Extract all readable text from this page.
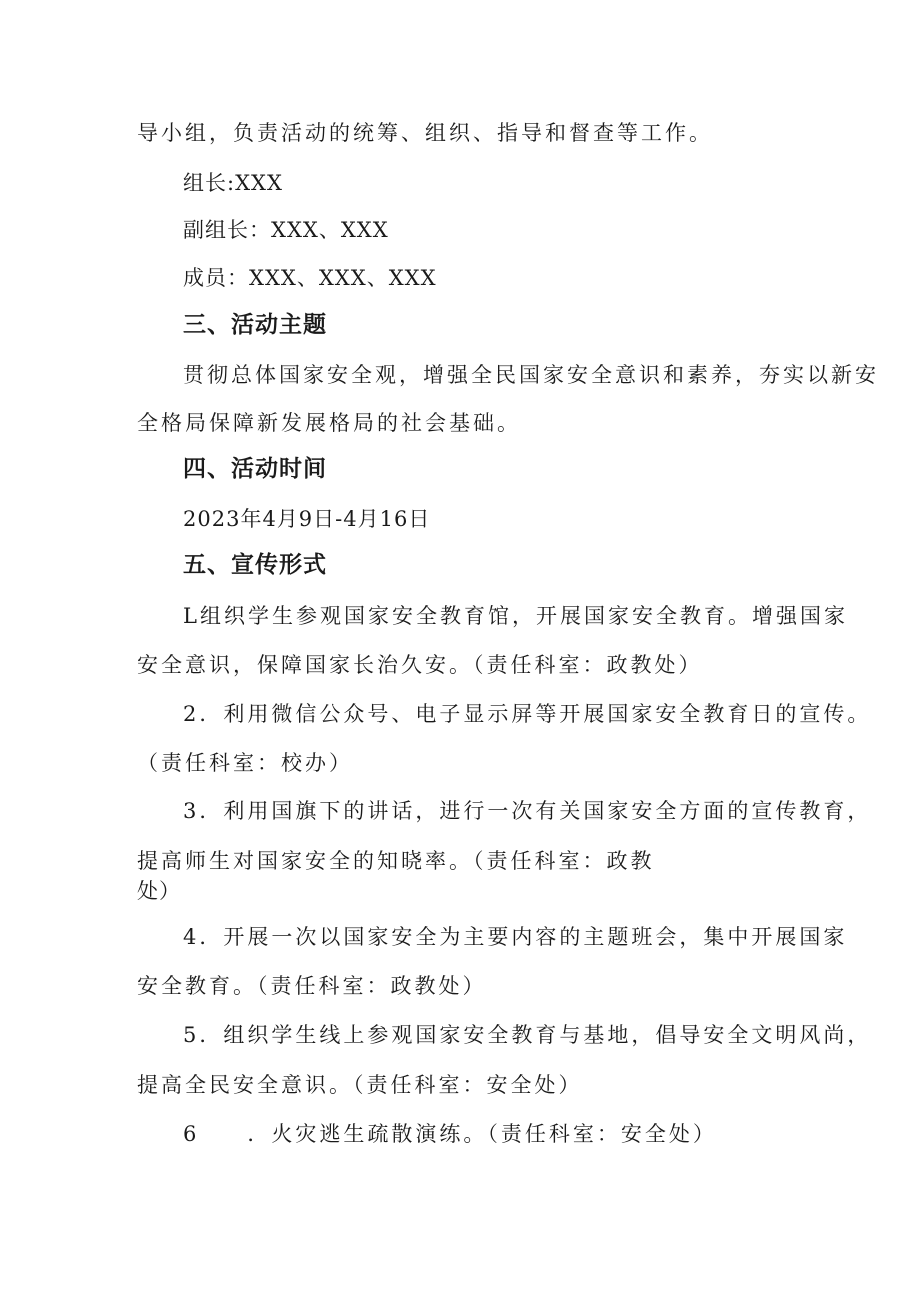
导小组，负责活动的统筹、组织、指导和督查等工作。
组长:XXX
副组长：XXX、XXX
成员：XXX、XXX、XXX
三、活动主题
贯彻总体国家安全观，增强全民国家安全意识和素养，夯实以新安
全格局保障新发展格局的社会基础。
四、活动时间
2023年4月9日-4月16日
五、宣传形式
L组织学生参观国家安全教育馆，开展国家安全教育。增强国家
安全意识，保障国家长治久安。（责任科室：政教处）
2．利用微信公众号、电子显示屏等开展国家安全教育日的宣传。
（责任科室：校办）
3．利用国旗下的讲话，进行一次有关国家安全方面的宣传教育，
提高师生对国家安全的知晓率。（责任科室：政教
处）
4．开展一次以国家安全为主要内容的主题班会，集中开展国家
安全教育。（责任科室：政教处）
5．组织学生线上参观国家安全教育与基地，倡导安全文明风尚，
提高全民安全意识。（责任科室：安全处）
6　　．火灾逃生疏散演练。（责任科室：安全处）
